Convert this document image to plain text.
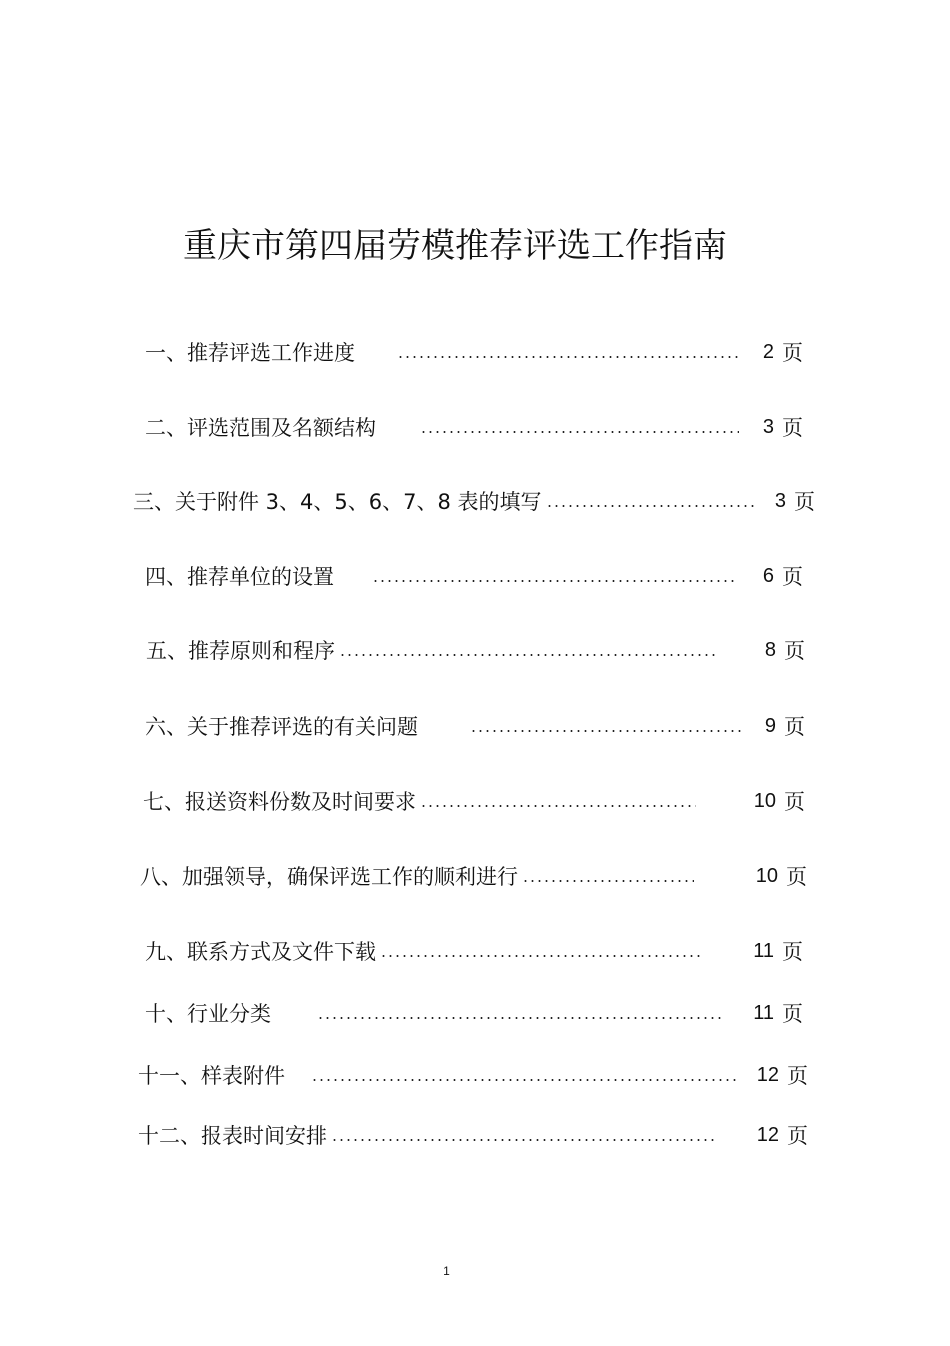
重庆市第四届劳模推荐评选工作指南
一、推荐评选工作进度	2 页
二、评选范围及名额结构	3 页
三、关于附件 3、4、5、6、7、8 表的填写	3 页
四、推荐单位的设置	6 页
五、推荐原则和程序	8 页
六、关于推荐评选的有关问题	9 页
七、报送资料份数及时间要求	10 页
八、加强领导，确保评选工作的顺利进行	10 页
九、联系方式及文件下载	11 页
十、行业分类	11 页
十一、样表附件	12 页
十二、报表时间安排	12 页
1
